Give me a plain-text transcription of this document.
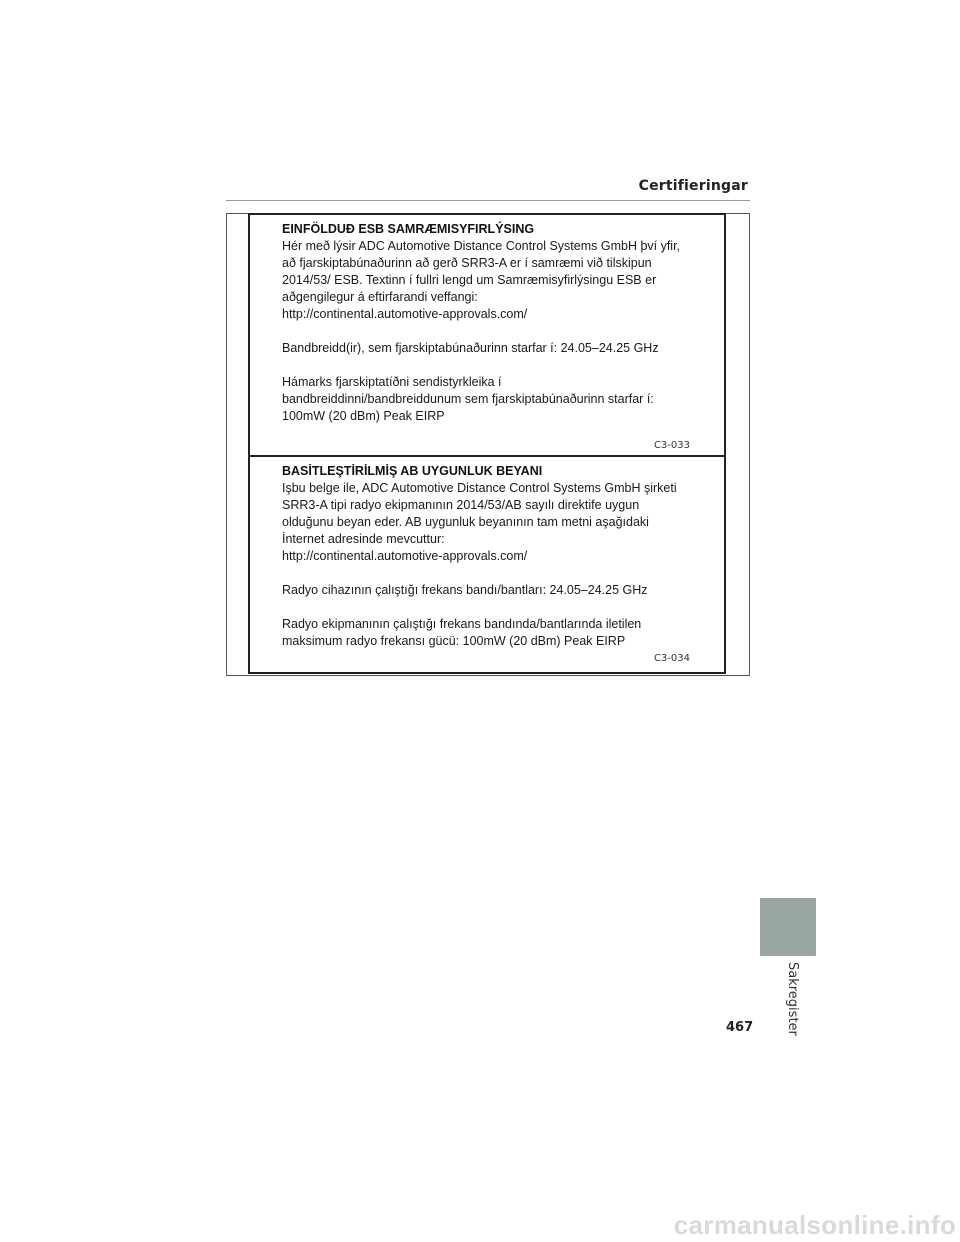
Certifieringar
EINFÖLDUÐ ESB SAMRÆMISYFIRLÝSING
Hér með lýsir ADC Automotive Distance Control Systems GmbH því yfir,
að fjarskiptabúnaðurinn að gerð SRR3-A er í samræmi við tilskipun
2014/53/ ESB. Textinn í fullri lengd um Samræmisyfirlýsingu ESB er
aðgengilegur á eftirfarandi veffangi:
http://continental.automotive-approvals.com/
Bandbreidd(ir), sem fjarskiptabúnaðurinn starfar í: 24.05–24.25 GHz
Hámarks fjarskiptatíðni sendistyrkleika í
bandbreiddinni/bandbreiddunum sem fjarskiptabúnaðurinn starfar í:
100mW (20 dBm) Peak EIRP
C3-033
BASİTLEŞTİRİLMİŞ AB UYGUNLUK BEYANI
Işbu belge ile, ADC Automotive Distance Control Systems GmbH şirketi
SRR3-A tipi radyo ekipmanının 2014/53/AB sayılı direktife uygun
olduğunu beyan eder. AB uygunluk beyanının tam metni aşağıdaki
İnternet adresinde mevcuttur:
http://continental.automotive-approvals.com/
Radyo cihazının çalıştığı frekans bandı/bantları: 24.05–24.25 GHz
Radyo ekipmanının çalıştığı frekans bandında/bantlarında iletilen
maksimum radyo frekansı gücü: 100mW (20 dBm) Peak EIRP
C3-034
Sakregister
467
carmanualsonline.info
